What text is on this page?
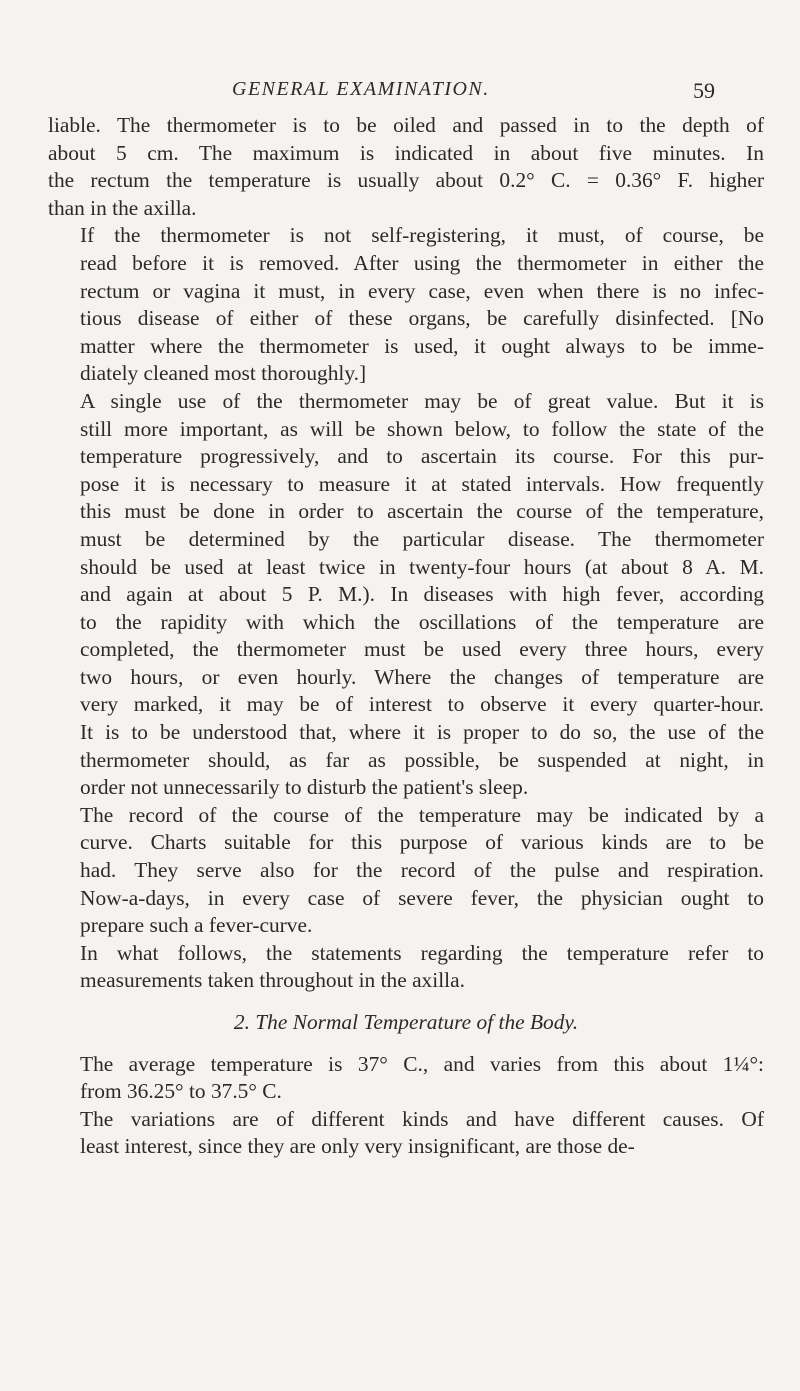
GENERAL EXAMINATION.	59

liable. The thermometer is to be oiled and passed in to the depth of
about 5 cm. The maximum is indicated in about five minutes. In
the rectum the temperature is usually about 0.2° C. = 0.36° F. higher
than in the axilla.

If the thermometer is not self-registering, it must, of course, be
read before it is removed. After using the thermometer in either the
rectum or vagina it must, in every case, even when there is no infec-
tious disease of either of these organs, be carefully disinfected. [No
matter where the thermometer is used, it ought always to be imme-
diately cleaned most thoroughly.]

A single use of the thermometer may be of great value. But it is
still more important, as will be shown below, to follow the state of the
temperature progressively, and to ascertain its course. For this pur-
pose it is necessary to measure it at stated intervals. How frequently
this must be done in order to ascertain the course of the temperature,
must be determined by the particular disease. The thermometer
should be used at least twice in twenty-four hours (at about 8 A. M.
and again at about 5 P. M.). In diseases with high fever, according
to the rapidity with which the oscillations of the temperature are
completed, the thermometer must be used every three hours, every
two hours, or even hourly. Where the changes of temperature are
very marked, it may be of interest to observe it every quarter-hour.
It is to be understood that, where it is proper to do so, the use of the
thermometer should, as far as possible, be suspended at night, in
order not unnecessarily to disturb the patient's sleep.

The record of the course of the temperature may be indicated by a
curve. Charts suitable for this purpose of various kinds are to be
had. They serve also for the record of the pulse and respiration.
Now-a-days, in every case of severe fever, the physician ought to
prepare such a fever-curve.

In what follows, the statements regarding the temperature refer to
measurements taken throughout in the axilla.

2. The Normal Temperature of the Body.

The average temperature is 37° C., and varies from this about 1¼°:
from 36.25° to 37.5° C.

The variations are of different kinds and have different causes. Of
least interest, since they are only very insignificant, are those de-
